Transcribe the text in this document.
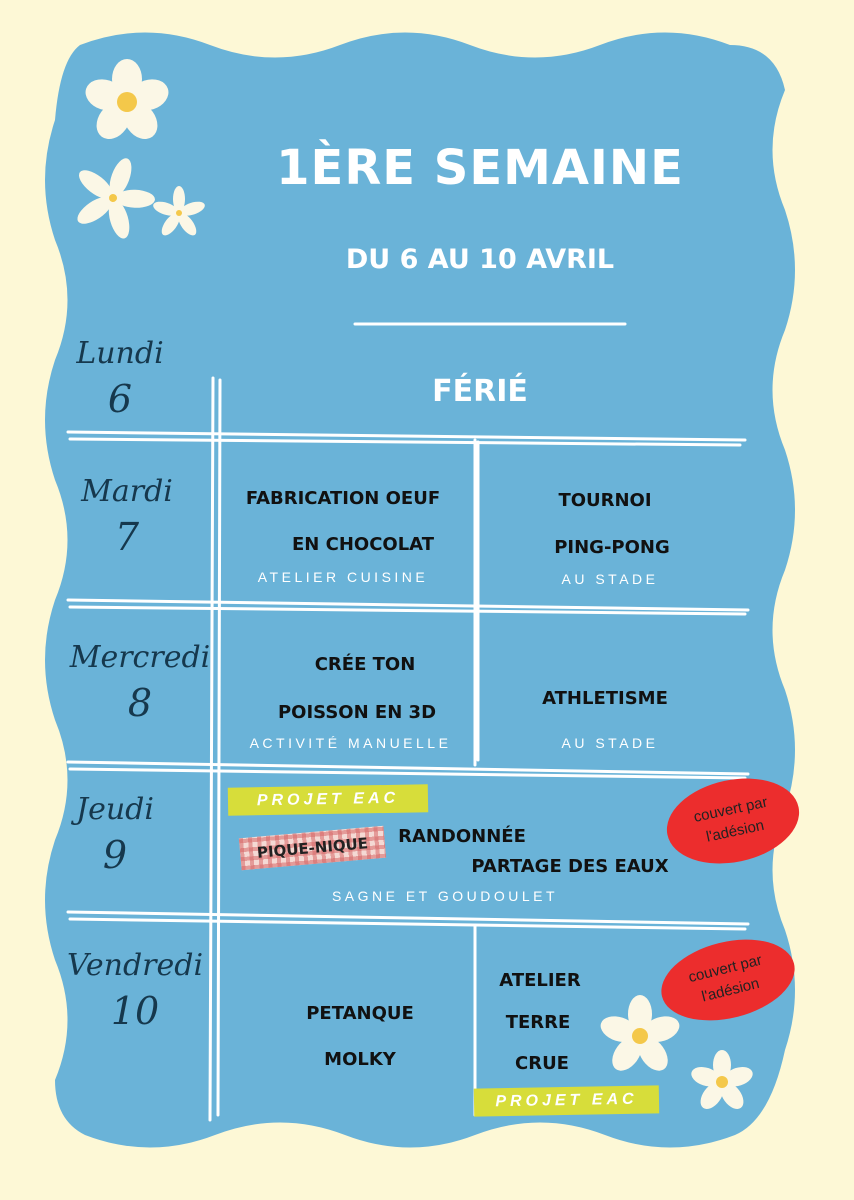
1ÈRE SEMAINE
DU 6 AU 10 AVRIL
Lundi
6
Mardi
7
Mercredi
8
Jeudi
9
Vendredi
10
FÉRIÉ
FABRICATION OEUF
EN CHOCOLAT
ATELIER CUISINE
TOURNOI
PING-PONG
AU STADE
CRÉE TON
POISSON EN 3D
ACTIVITÉ MANUELLE
ATHLETISME
AU STADE
PROJET EAC
PIQUE-NIQUE	RANDONNÉE
PARTAGE DES EAUX
SAGNE ET GOUDOULET
couvert par l'adésion
PETANQUE
MOLKY
ATELIER
TERRE
CRUE
PROJET EAC
couvert par l'adésion
